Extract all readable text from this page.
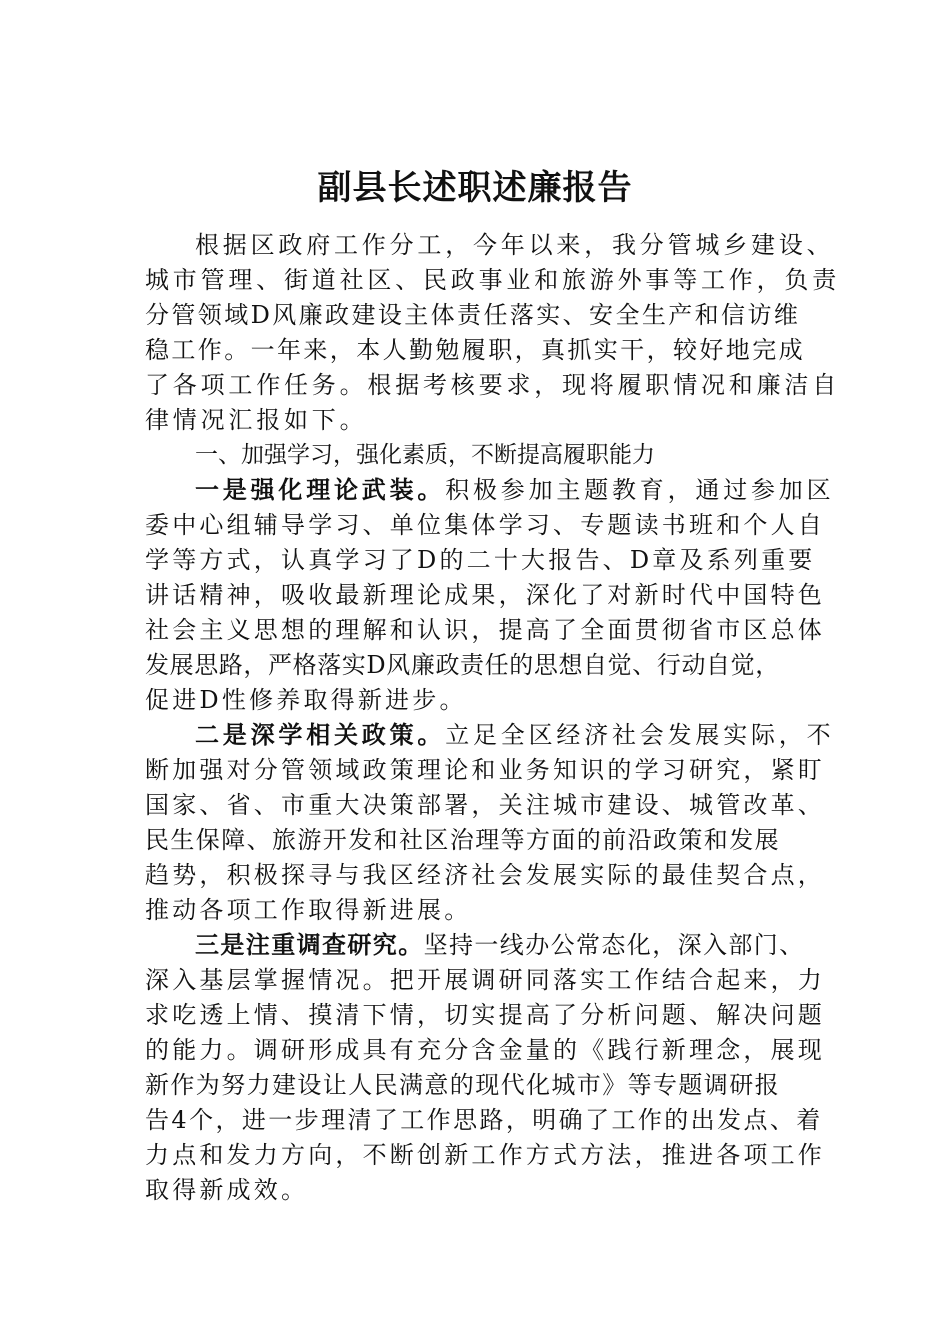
副县长述职述廉报告
根据区政府工作分工，今年以来，我分管城乡建设、
城市管理、街道社区、民政事业和旅游外事等工作，负责
分管领域D风廉政建设主体责任落实、安全生产和信访维
稳工作。一年来，本人勤勉履职，真抓实干，较好地完成
了各项工作任务。根据考核要求，现将履职情况和廉洁自
律情况汇报如下。
一、加强学习，强化素质，不断提高履职能力
一是强化理论武装。积极参加主题教育，通过参加区
委中心组辅导学习、单位集体学习、专题读书班和个人自
学等方式，认真学习了D的二十大报告、D章及系列重要
讲话精神，吸收最新理论成果，深化了对新时代中国特色
社会主义思想的理解和认识，提高了全面贯彻省市区总体
发展思路，严格落实D风廉政责任的思想自觉、行动自觉，
促进D性修养取得新进步。
二是深学相关政策。立足全区经济社会发展实际，不
断加强对分管领域政策理论和业务知识的学习研究，紧盯
国家、省、市重大决策部署，关注城市建设、城管改革、
民生保障、旅游开发和社区治理等方面的前沿政策和发展
趋势，积极探寻与我区经济社会发展实际的最佳契合点，
推动各项工作取得新进展。
三是注重调查研究。坚持一线办公常态化，深入部门、
深入基层掌握情况。把开展调研同落实工作结合起来，力
求吃透上情、摸清下情，切实提高了分析问题、解决问题
的能力。调研形成具有充分含金量的《践行新理念，展现
新作为努力建设让人民满意的现代化城市》等专题调研报
告4个，进一步理清了工作思路，明确了工作的出发点、着
力点和发力方向，不断创新工作方式方法，推进各项工作
取得新成效。
